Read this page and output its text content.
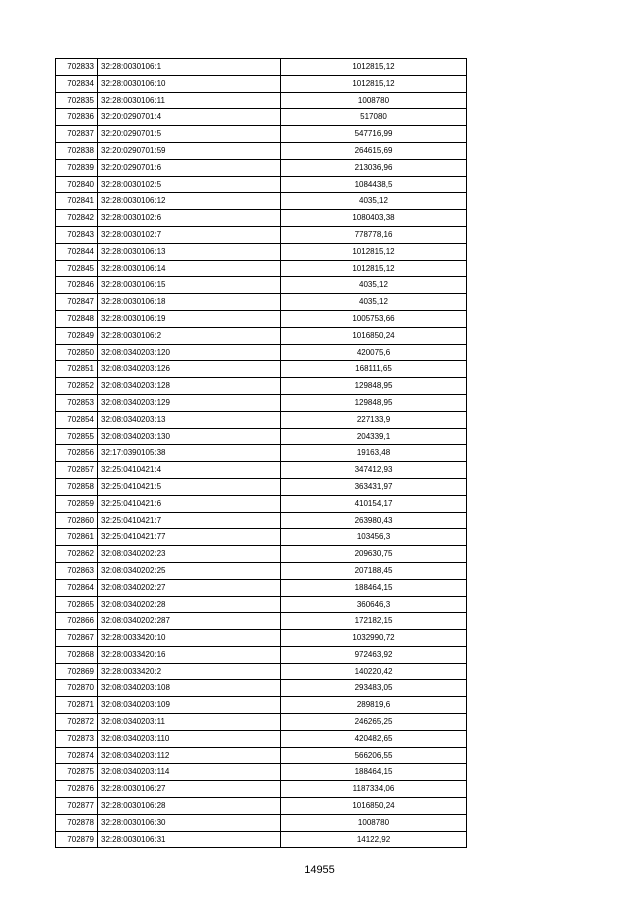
702833	32:28:0030106:1	1012815,12
702834	32:28:0030106:10	1012815,12
702835	32:28:0030106:11	1008780
702836	32:20:0290701:4	517080
702837	32:20:0290701:5	547716,99
702838	32:20:0290701:59	264615,69
702839	32:20:0290701:6	213036,96
702840	32:28:0030102:5	1084438,5
702841	32:28:0030106:12	4035,12
702842	32:28:0030102:6	1080403,38
702843	32:28:0030102:7	778778,16
702844	32:28:0030106:13	1012815,12
702845	32:28:0030106:14	1012815,12
702846	32:28:0030106:15	4035,12
702847	32:28:0030106:18	4035,12
702848	32:28:0030106:19	1005753,66
702849	32:28:0030106:2	1016850,24
702850	32:08:0340203:120	420075,6
702851	32:08:0340203:126	168111,65
702852	32:08:0340203:128	129848,95
702853	32:08:0340203:129	129848,95
702854	32:08:0340203:13	227133,9
702855	32:08:0340203:130	204339,1
702856	32:17:0390105:38	19163,48
702857	32:25:0410421:4	347412,93
702858	32:25:0410421:5	363431,97
702859	32:25:0410421:6	410154,17
702860	32:25:0410421:7	263980,43
702861	32:25:0410421:77	103456,3
702862	32:08:0340202:23	209630,75
702863	32:08:0340202:25	207188,45
702864	32:08:0340202:27	188464,15
702865	32:08:0340202:28	360646,3
702866	32:08:0340202:287	172182,15
702867	32:28:0033420:10	1032990,72
702868	32:28:0033420:16	972463,92
702869	32:28:0033420:2	140220,42
702870	32:08:0340203:108	293483,05
702871	32:08:0340203:109	289819,6
702872	32:08:0340203:11	246265,25
702873	32:08:0340203:110	420482,65
702874	32:08:0340203:112	566206,55
702875	32:08:0340203:114	188464,15
702876	32:28:0030106:27	1187334,06
702877	32:28:0030106:28	1016850,24
702878	32:28:0030106:30	1008780
702879	32:28:0030106:31	14122,92
14955
